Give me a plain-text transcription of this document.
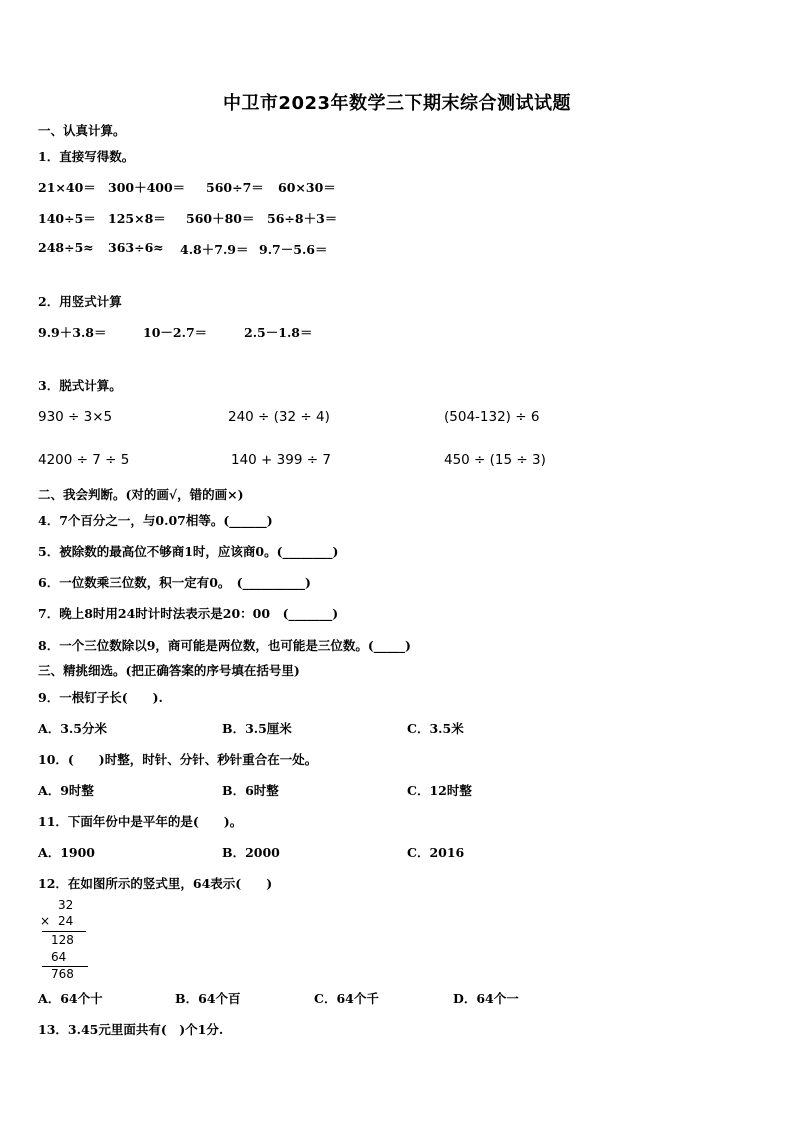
中卫市2023年数学三下期末综合测试试题
一、认真计算。
1．直接写得数。
21×40＝ 300＋400＝ 560÷7＝ 60×30＝
140÷5＝ 125×8＝ 560＋80＝ 56÷8＋3＝
248÷5≈ 363÷6≈ 4.8＋7.9＝ 9.7－5.6＝
2．用竖式计算
9.9＋3.8＝	10－2.7＝	2.5－1.8＝
3．脱式计算。
930 ÷ 3×5	240 ÷ (32 ÷ 4)	(504-132) ÷ 6
4200 ÷ 7 ÷ 5	140 + 399 ÷ 7	450 ÷ (15 ÷ 3)
二、我会判断。(对的画√，错的画×)
4．7个百分之一，与0.07相等。(______)
5．被除数的最高位不够商1时，应该商0。(________)
6．一位数乘三位数，积一定有0。　(__________)
7．晚上8时用24时计时法表示是20：00　(_______)
8．一个三位数除以9，商可能是两位数，也可能是三位数。(_____)
三、精挑细选。(把正确答案的序号填在括号里)
9．一根钉子长(　　).
A．3.5分米	B．3.5厘米	C．3.5米
10．(　　)时整，时针、分针、秒针重合在一处。
A．9时整	B．6时整	C．12时整
11．下面年份中是平年的是(　　)。
A．1900	B．2000	C．2016
12．在如图所示的竖式里，64表示(　　)
32
× 24
128
64
768
A．64个十	B．64个百	C．64个千	D．64个一
13．3.45元里面共有(　)个1分.
